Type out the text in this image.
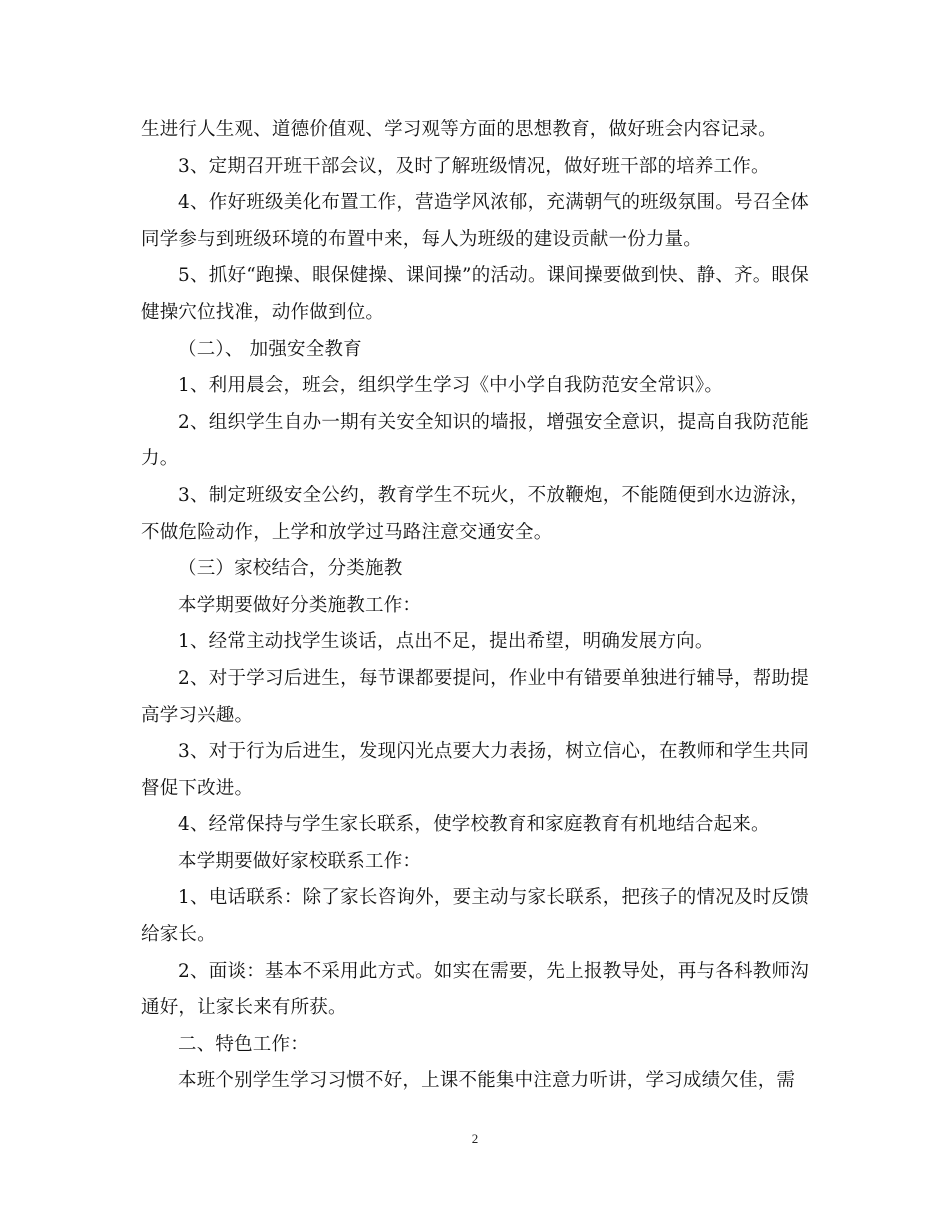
生进行人生观、道德价值观、学习观等方面的思想教育，做好班会内容记录。

3、定期召开班干部会议，及时了解班级情况，做好班干部的培养工作。

4、作好班级美化布置工作，营造学风浓郁，充满朝气的班级氛围。号召全体同学参与到班级环境的布置中来，每人为班级的建设贡献一份力量。

5、抓好“跑操、眼保健操、课间操”的活动。课间操要做到快、静、齐。眼保健操穴位找准，动作做到位。

（二）、 加强安全教育

1、利用晨会，班会，组织学生学习《中小学自我防范安全常识》。

2、组织学生自办一期有关安全知识的墙报，增强安全意识，提高自我防范能力。

3、制定班级安全公约，教育学生不玩火，不放鞭炮，不能随便到水边游泳，不做危险动作，上学和放学过马路注意交通安全。

（三）家校结合，分类施教

本学期要做好分类施教工作：

1、经常主动找学生谈话，点出不足，提出希望，明确发展方向。

2、对于学习后进生，每节课都要提问，作业中有错要单独进行辅导，帮助提高学习兴趣。

3、对于行为后进生，发现闪光点要大力表扬，树立信心，在教师和学生共同督促下改进。

4、经常保持与学生家长联系，使学校教育和家庭教育有机地结合起来。

本学期要做好家校联系工作：

1、电话联系：除了家长咨询外，要主动与家长联系，把孩子的情况及时反馈给家长。

2、面谈：基本不采用此方式。如实在需要，先上报教导处，再与各科教师沟通好，让家长来有所获。

二、特色工作：

本班个别学生学习习惯不好，上课不能集中注意力听讲，学习成绩欠佳，需

2
